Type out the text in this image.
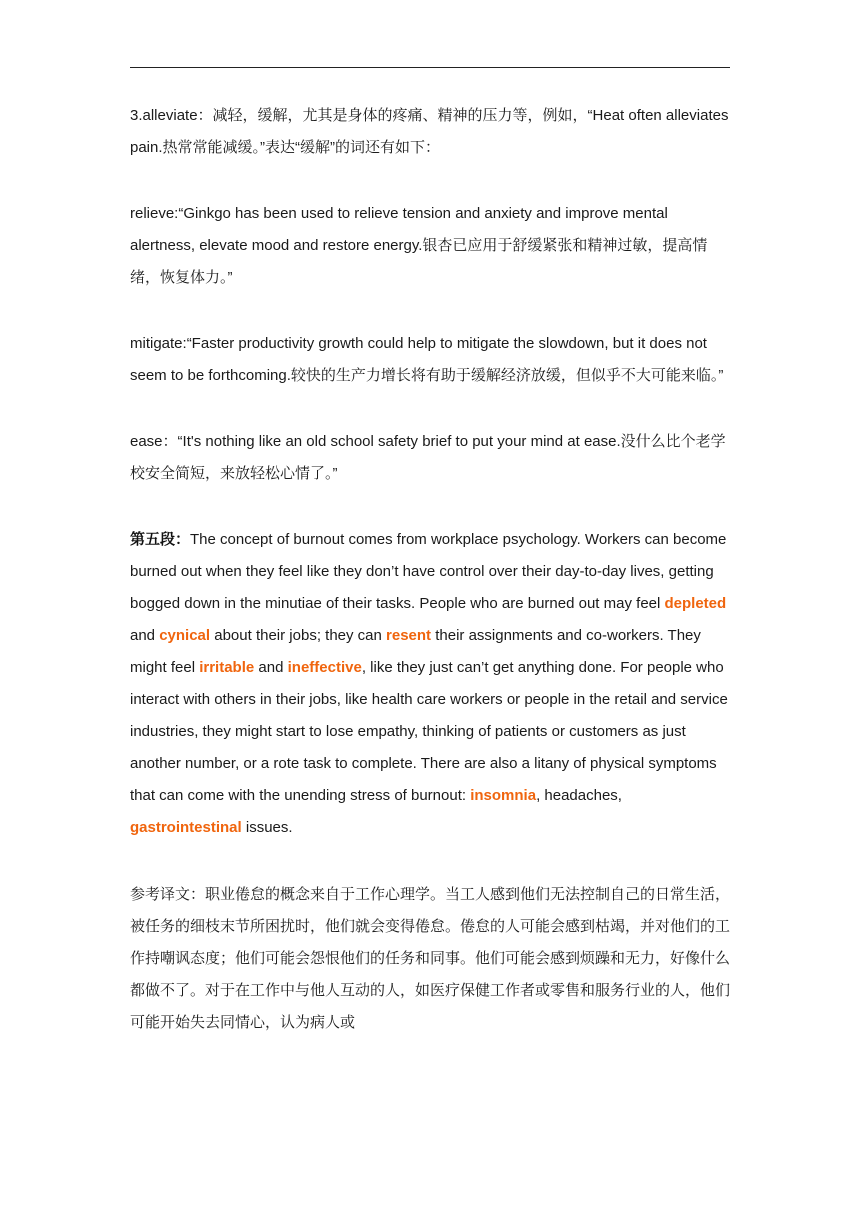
3.alleviate：减轻，缓解，尤其是身体的疼痛、精神的压力等，例如，“Heat often alleviates pain.热常常能减缓。”表达“缓解”的词还有如下：

relieve:“Ginkgo has been used to relieve tension and anxiety and improve mental alertness, elevate mood and restore energy.银杏已应用于舒缓紧张和精神过敏，提高情绪，恢复体力。”

mitigate:“Faster productivity growth could help to mitigate the slowdown, but it does not seem to be forthcoming.较快的生产力增长将有助于缓解经济放缓，但似乎不大可能来临。”

ease：“It's nothing like an old school safety brief to put your mind at ease.没什么比个老学校安全简短，来放轻松心情了。”

第五段：The concept of burnout comes from workplace psychology. Workers can become burned out when they feel like they don’t have control over their day-to-day lives, getting bogged down in the minutiae of their tasks. People who are burned out may feel depleted and cynical about their jobs; they can resent their assignments and co-workers. They might feel irritable and ineffective, like they just can’t get anything done. For people who interact with others in their jobs, like health care workers or people in the retail and service industries, they might start to lose empathy, thinking of patients or customers as just another number, or a rote task to complete. There are also a litany of physical symptoms that can come with the unending stress of burnout: insomnia, headaches, gastrointestinal issues.

参考译文：职业倦怠的概念来自于工作心理学。当工人感到他们无法控制自己的日常生活，被任务的细枝末节所困扰时，他们就会变得倦怠。倦怠的人可能会感到枯竭，并对他们的工作持嘲讽态度；他们可能会怨恨他们的任务和同事。他们可能会感到烦躁和无力，好像什么都做不了。对于在工作中与他人互动的人，如医疗保健工作者或零售和服务行业的人，他们可能开始失去同情心，认为病人或
